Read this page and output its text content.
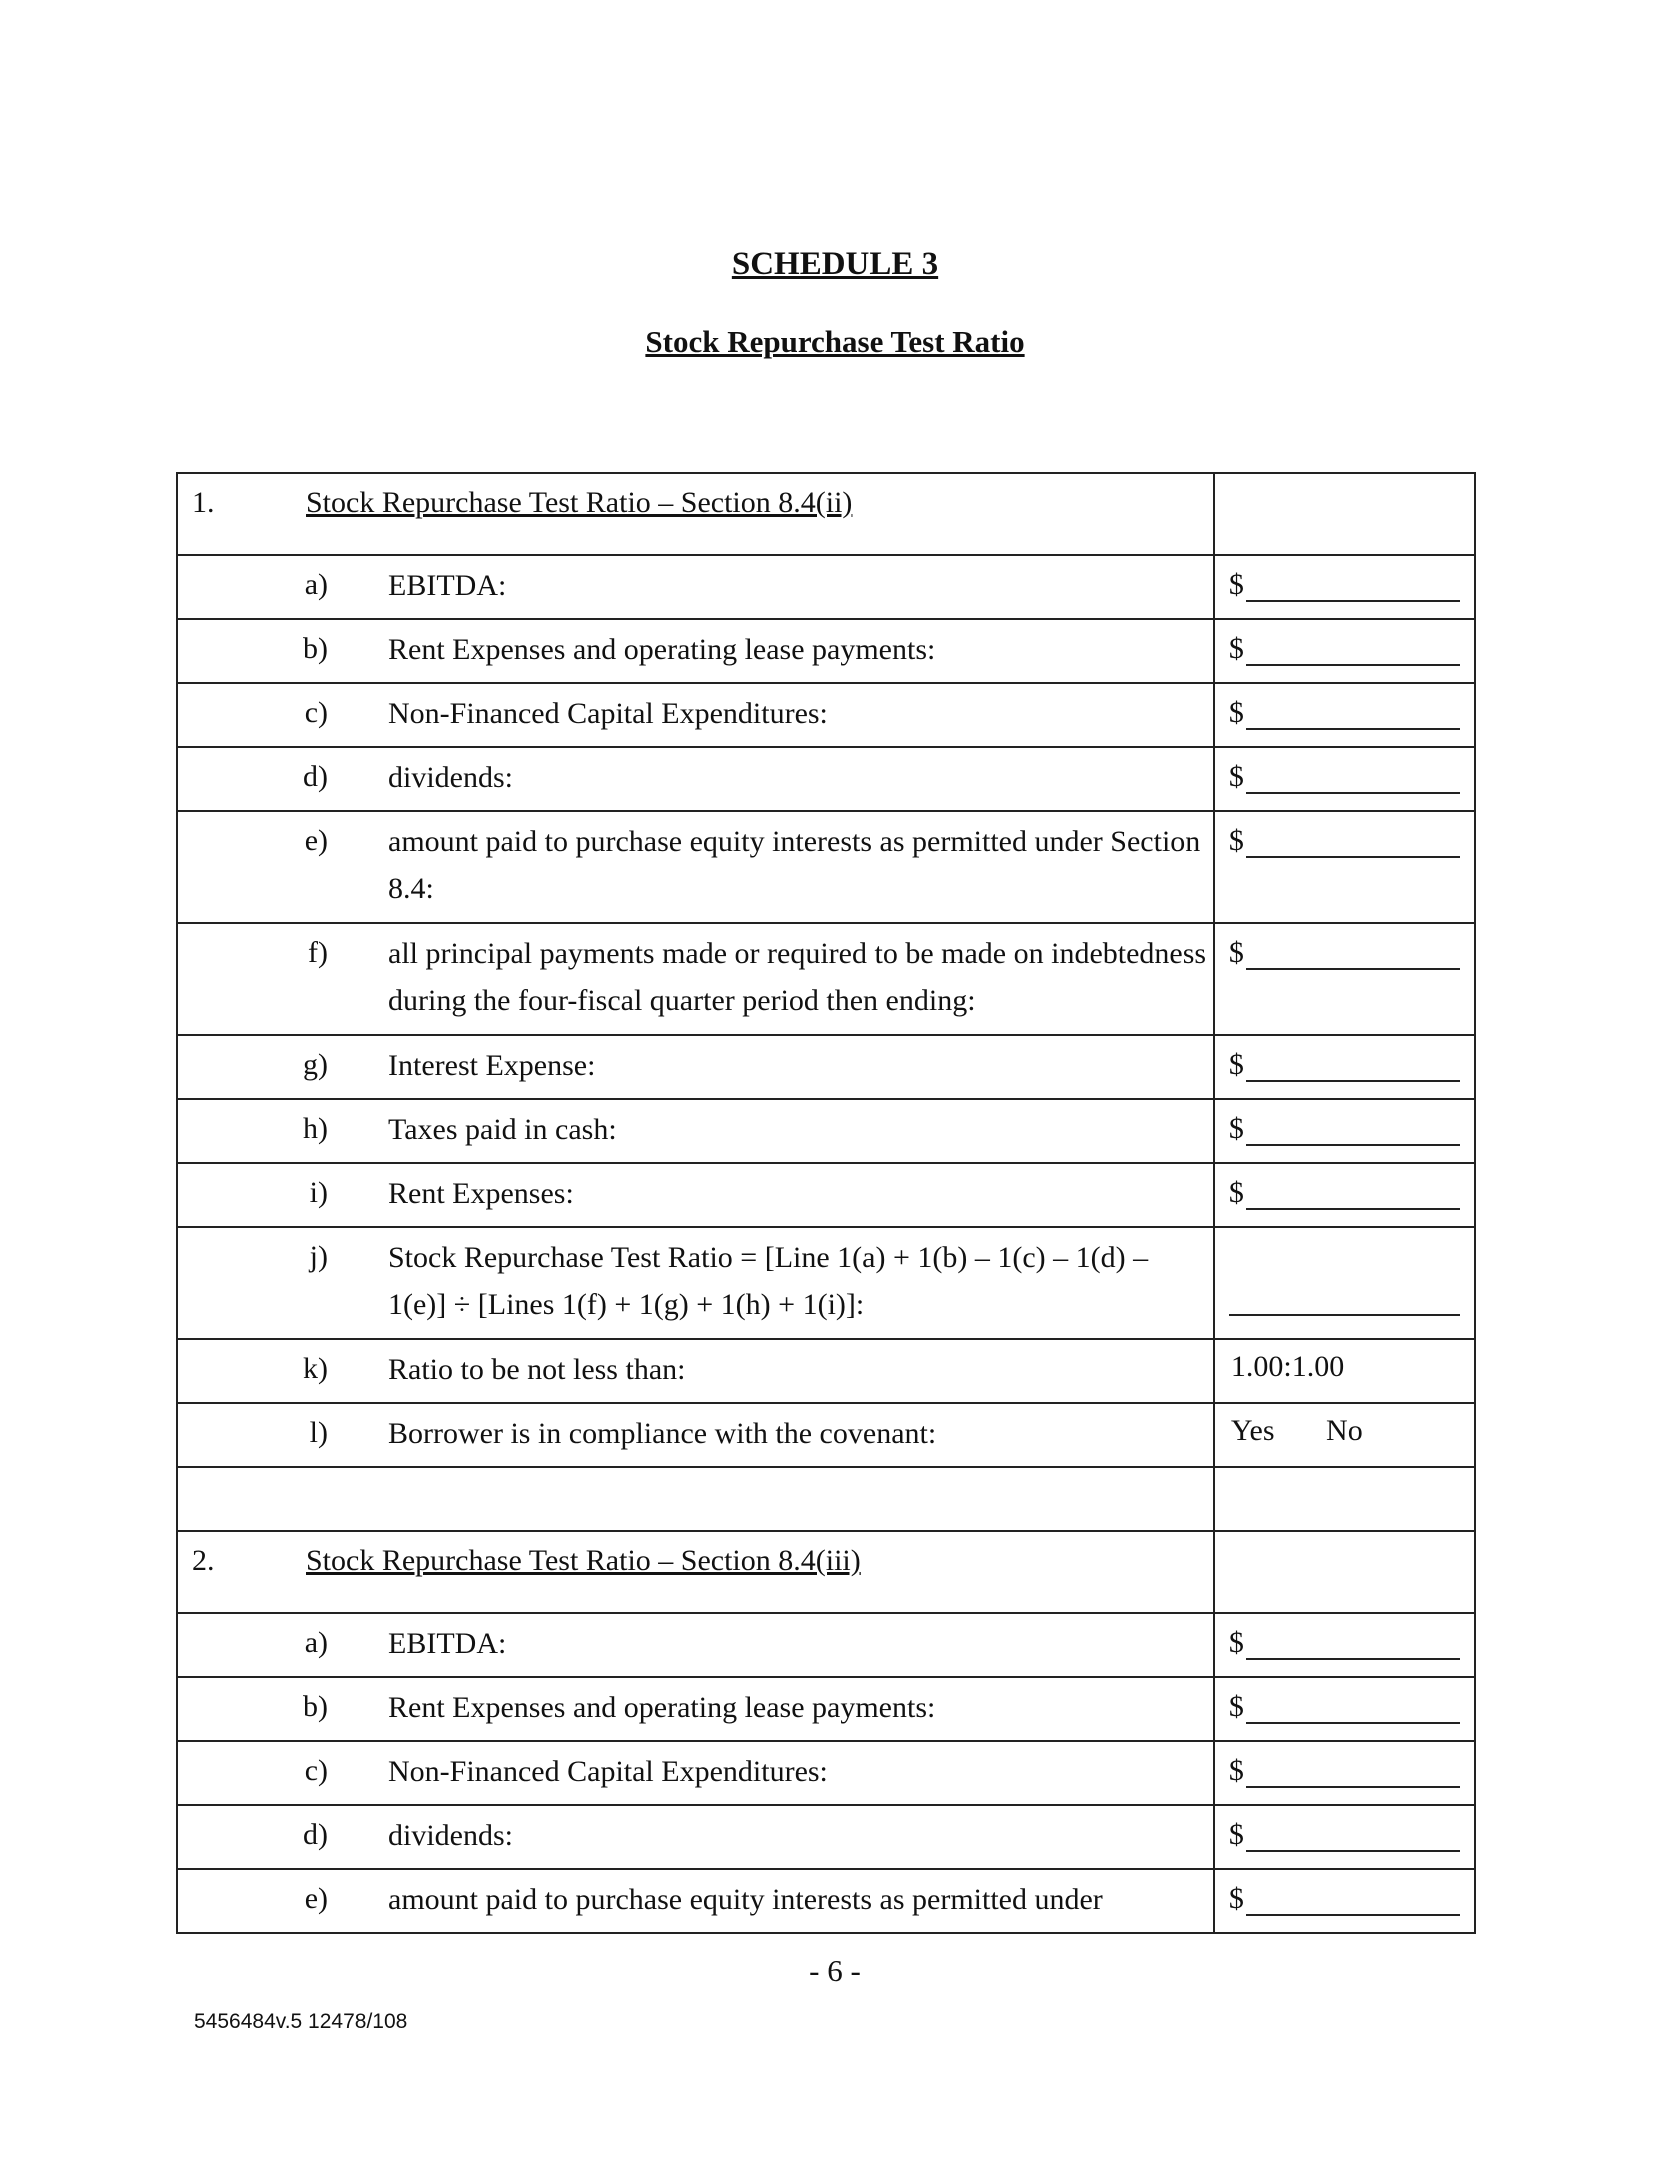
SCHEDULE 3
Stock Repurchase Test Ratio
1. Stock Repurchase Test Ratio – Section 8.4(ii)	

a) EBITDA:	$

b) Rent Expenses and operating lease payments:	$

c) Non-Financed Capital Expenditures:	$

d) dividends:	$

e) amount paid to purchase equity interests as permitted under Section 8.4:	$

f) all principal payments made or required to be made on indebtedness during the four-fiscal quarter period then ending:	$

g) Interest Expense:	$

h) Taxes paid in cash:	$

i) Rent Expenses:	$

j) Stock Repurchase Test Ratio = [Line 1(a) + 1(b) – 1(c) – 1(d) – 1(e)] ÷ [Lines 1(f) + 1(g) + 1(h) + 1(i)]:	

k) Ratio to be not less than:	1.00:1.00

l) Borrower is in compliance with the covenant:	Yes No

2. Stock Repurchase Test Ratio – Section 8.4(iii)	

a) EBITDA:	$

b) Rent Expenses and operating lease payments:	$

c) Non-Financed Capital Expenditures:	$

d) dividends:	$

e) amount paid to purchase equity interests as permitted under	$
- 6 -
5456484v.5 12478/108
